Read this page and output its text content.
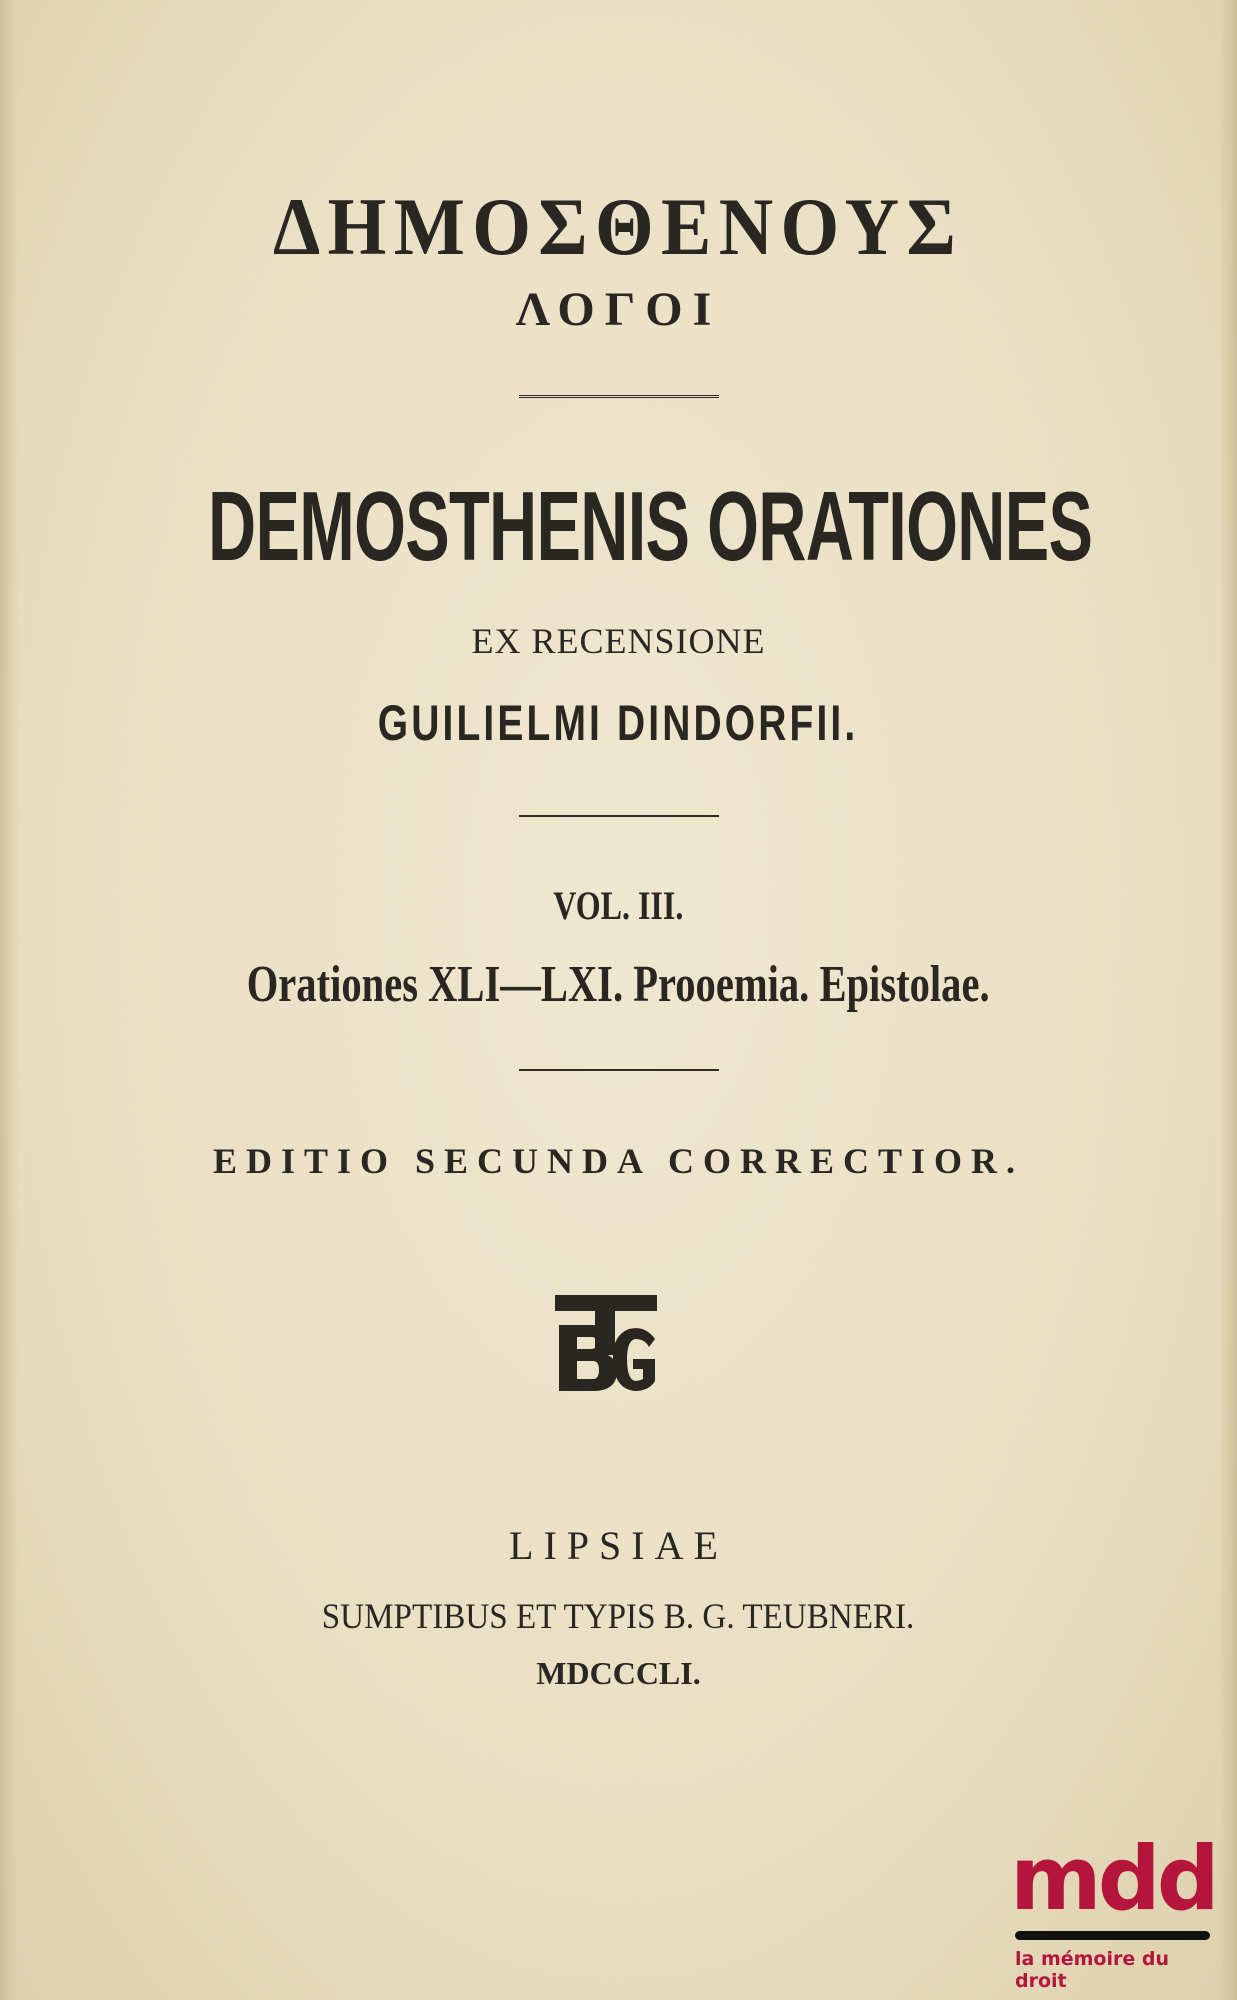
ΔΗΜΟΣΘΕΝΟΥΣ
ΛΟΓΟΙ
DEMOSTHENIS ORATIONES
EX RECENSIONE
GUILIELMI DINDORFII.
VOL. III.
Orationes XLI—LXI. Prooemia. Epistolae.
EDITIO SECUNDA CORRECTIOR.
LIPSIAE
SUMPTIBUS ET TYPIS B. G. TEUBNERI.
MDCCCLI.
mdd
la mémoire du droit
